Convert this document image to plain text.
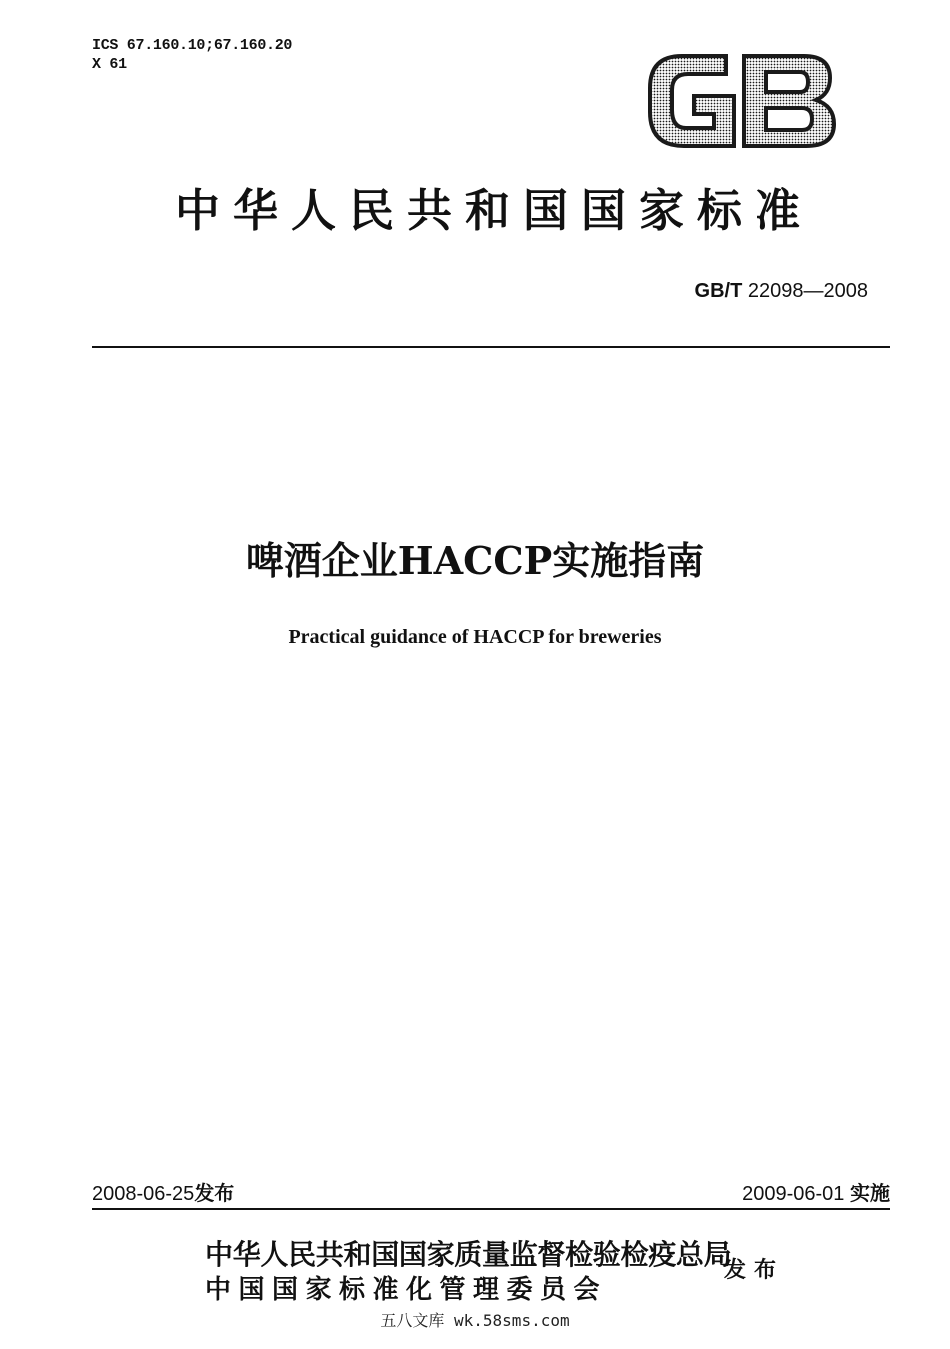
ICS 67.160.10;67.160.20
X 61
中华人民共和国国家标准
GB/T 22098—2008
啤酒企业HACCP实施指南
Practical guidance of HACCP for breweries
2008-06-25发布	2009-06-01 实施
中华人民共和国国家质量监督检验检疫总局
中国国家标准化管理委员会
发布
五八文库 wk.58sms.com
